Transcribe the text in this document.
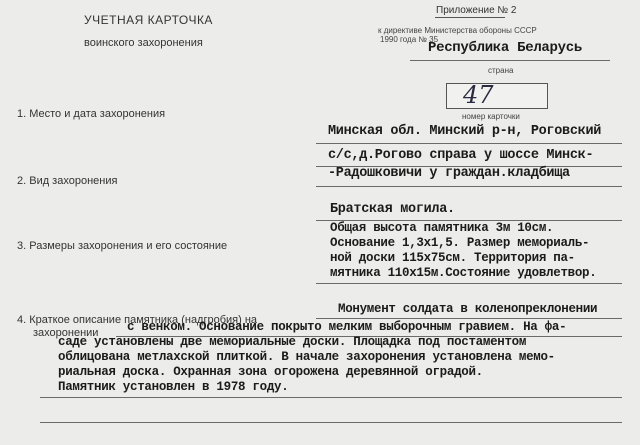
УЧЕТНАЯ КАРТОЧКА
воинского захоронения
Приложение № 2
к директиве Министерства обороны СССР
1990 года № 35
Республика Беларусь
страна
47
номер карточки
1. Место и дата захоронения
Минская обл. Минский р-н, Роговский
с/с,д.Рогово справа у шоссе Минск-
-Радошковичи у граждан.кладбища
2. Вид захоронения
Братская могила.
3. Размеры захоронения и его состояние
Общая высота памятника 3м 10см.
Основание 1,3х1,5. Размер мемориаль-
ной доски 115х75см. Территория па-
мятника 110х15м.Состояние удовлетвор.
4. Краткое описание памятника (надгробия) на
захоронении
Монумент солдата в коленопреклонении
с венком. Основание покрыто мелким выборочным гравием. На фа-
саде установлены две мемориальные доски. Площадка под постаментом
облицована метлахской плиткой. В начале захоронения установлена мемо-
риальная доска. Охранная зона огорожена деревянной оградой.
Памятник установлен в 1978 году.
